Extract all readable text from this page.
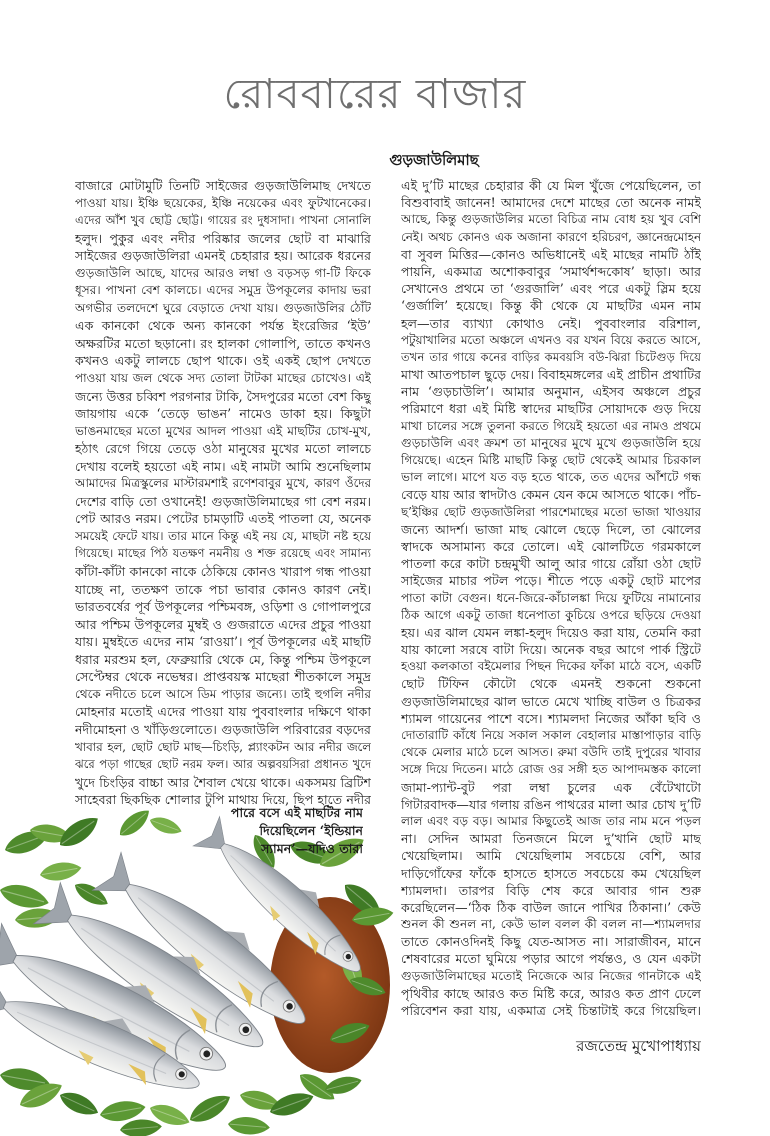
রোববারের বাজার
গুড়জাউলিমাছ
বাজারে মোটামুটি তিনটি সাইজের গুড়জাউলিমাছ দেখতে
পাওয়া যায়। ইঞ্চি ছয়েকের, ইঞ্চি নয়েকের এবং ফুটখানেকের।
এদের আঁশ খুব ছোট্ট ছোট্ট। গায়ের রং দুধসাদা। পাখনা সোনালি
হলুদ। পুকুর এবং নদীর পরিষ্কার জলের ছোট বা মাঝারি
সাইজের গুড়জাউলিরা এমনই চেহারার হয়। আরেক ধরনের
গুড়জাউলি আছে, যাদের আরও লম্বা ও বড়সড় গা-টি ফিকে
ধূসর। পাখনা বেশ কালচে। এদের সমুদ্র উপকূলের কাদায় ভরা
অগভীর তলদেশে ঘুরে বেড়াতে দেখা যায়। গুড়জাউলির ঠোঁট
এক কানকো থেকে অন্য কানকো পর্যন্ত ইংরেজির ‘ইউ’
অক্ষরটির মতো ছড়ানো। রং হালকা গোলাপি, তাতে কখনও
কখনও একটু লালচে ছোপ থাকে। ওই একই ছোপ দেখতে
পাওয়া যায় জল থেকে সদ্য তোলা টাটকা মাছের চোখেও। এই
জন্যে উত্তর চব্বিশ পরগনার টাকি, সৈদপুরের মতো বেশ কিছু
জায়গায় একে ‘তেড়ে ভাঙন’ নামেও ডাকা হয়। কিছুটা
ভাঙনমাছের মতো মুখের আদল পাওয়া এই মাছটির চোখ-মুখ,
হঠাৎ রেগে গিয়ে তেড়ে ওঠা মানুষের মুখের মতো লালচে
দেখায় বলেই হয়তো এই নাম। এই নামটা আমি শুনেছিলাম
আমাদের মিত্রস্কুলের মাস্টারমশাই রণেশবাবুর মুখে, কারণ ওঁদের
দেশের বাড়ি তো ওখানেই! গুড়জাউলিমাছের গা বেশ নরম।
পেট আরও নরম। পেটের চামড়াটি এতই পাতলা যে, অনেক
সময়েই ফেটে যায়। তার মানে কিন্তু এই নয় যে, মাছটা নষ্ট হয়ে
গিয়েছে। মাছের পিঠ যতক্ষণ নমনীয় ও শক্ত রয়েছে এবং সামান্য
কাঁটা-কাঁটা কানকো নাকে ঠেকিয়ে কোনও খারাপ গন্ধ পাওয়া
যাচ্ছে না, ততক্ষণ তাকে পচা ভাবার কোনও কারণ নেই।
ভারতবর্ষের পূর্ব উপকূলের পশ্চিমবঙ্গ, ওড়িশা ও গোপালপুরে
আর পশ্চিম উপকূলের মুম্বই ও গুজরাতে এদের প্রচুর পাওয়া
যায়। মুম্বইতে এদের নাম ‘রাওয়া’। পূর্ব উপকূলের এই মাছটি
ধরার মরশুম হল, ফেব্রুয়ারি থেকে মে, কিন্তু পশ্চিম উপকূলে
সেপ্টেম্বর থেকে নভেম্বর। প্রাপ্তবয়স্ক মাছেরা শীতকালে সমুদ্র
থেকে নদীতে চলে আসে ডিম পাড়ার জন্যে। তাই হুগলি নদীর
মোহনার মতোই এদের পাওয়া যায় পুববাংলার দক্ষিণে থাকা
নদীমোহনা ও খাঁড়িগুলোতে। গুড়জাউলি পরিবারের বড়দের
খাবার হল, ছোট ছোট মাছ—চিংড়ি, প্ল্যাংকটন আর নদীর জলে
ঝরে পড়া গাছের ছোট নরম ফল। আর অল্পবয়সিরা প্রধানত খুদে
খুদে চিংড়ির বাচ্চা আর শৈবাল খেয়ে থাকে। একসময় ব্রিটিশ
সাহেবরা ছিকছিক শোলার টুপি মাথায় দিয়ে, ছিপ হাতে নদীর
পারে বসে এই মাছটির নাম
দিয়েছিলেন ‘ইন্ডিয়ান
স্যামন’—যদিও তারা
এই দু’টি মাছের চেহারার কী যে মিল খুঁজে পেয়েছিলেন, তা
বিশুবাবাই জানেন! আমাদের দেশে মাছের তো অনেক নামই
আছে, কিন্তু গুড়জাউলির মতো বিচিত্র নাম বোধ হয় খুব বেশি
নেই। অথচ কোনও এক অজানা কারণে হরিচরণ, জ্ঞানেন্দ্রমোহন
বা সুবল মিত্তির—কোনও অভিধানেই এই মাছের নামটি ঠাঁই
পায়নি, একমাত্র অশোকবাবুর ‘সমার্থশব্দকোষ’ ছাড়া। আর
সেখানেও প্রথমে তা ‘গুরজালি’ এবং পরে একটু স্লিম হয়ে
‘গুর্জালি’ হয়েছে। কিন্তু কী থেকে যে মাছটির এমন নাম
হল—তার ব্যাখ্যা কোথাও নেই। পুববাংলার বরিশাল,
পটুয়াখালির মতো অঞ্চলে এখনও বর যখন বিয়ে করতে আসে,
তখন তার গায়ে কনের বাড়ির কমবয়সি বউ-ঝিরা চিটেগুড় দিয়ে
মাখা আতপচাল ছুড়ে দেয়। বিবাহমঙ্গলের এই প্রাচীন প্রথাটির
নাম ‘গুড়চাউলি’। আমার অনুমান, এইসব অঞ্চলে প্রচুর
পরিমাণে ধরা এই মিষ্টি স্বাদের মাছটির সোয়াদকে গুড় দিয়ে
মাখা চালের সঙ্গে তুলনা করতে গিয়েই হয়তো এর নামও প্রথমে
গুড়চাউলি এবং ক্রমশ তা মানুষের মুখে মুখে গুড়জাউলি হয়ে
গিয়েছে। এহেন মিষ্টি মাছটি কিন্তু ছোট থেকেই আমার চিরকাল
ভাল লাগে। মাপে যত বড় হতে থাকে, তত এদের আঁশটে গন্ধ
বেড়ে যায় আর স্বাদটাও কেমন যেন কমে আসতে থাকে। পাঁচ-
ছ’ইঞ্চির ছোট গুড়জাউলিরা পারশেমাছের মতো ভাজা খাওয়ার
জন্যে আদর্শ। ভাজা মাছ ঝোলে ছেড়ে দিলে, তা ঝোলের
স্বাদকে অসামান্য করে তোলে। এই ঝোলটিতে গরমকালে
পাতলা করে কাটা চন্দ্রমুখী আলু আর গায়ে রোঁয়া ওঠা ছোট
সাইজের মাচার পটল পড়ে। শীতে পড়ে একটু ছোট মাপের
পাতা কাটা বেগুন। ধনে-জিরে-কাঁচালঙ্কা দিয়ে ফুটিয়ে নামানোর
ঠিক আগে একটু তাজা ধনেপাতা কুচিয়ে ওপরে ছড়িয়ে দেওয়া
হয়। এর ঝাল যেমন লঙ্কা-হলুদ দিয়েও করা যায়, তেমনি করা
যায় কালো সরষে বাটা দিয়ে। অনেক বছর আগে পার্ক স্ট্রিটে
হওয়া কলকাতা বইমেলার পিছন দিকের ফাঁকা মাঠে বসে, একটি
ছোট টিফিন কৌটো থেকে এমনই শুকনো শুকনো
গুড়জাউলিমাছের ঝাল ভাতে মেখে খাচ্ছি বাউল ও চিত্রকর
শ্যামল গায়েনের পাশে বসে। শ্যামলদা নিজের আঁকা ছবি ও
দোতারাটি কাঁধে নিয়ে সকাল সকাল বেহালার মাস্তাপাড়ার বাড়ি
থেকে মেলার মাঠে চলে আসত। রুমা বউদি তাই দুপুরের খাবার
সঙ্গে দিয়ে দিতেন। মাঠে রোজ ওর সঙ্গী হত আপাদমস্তক কালো
জামা-প্যান্ট-বুট পরা লম্বা চুলের এক বেঁটেখাটো
গিটারবাদক—যার গলায় রঙিন পাথরের মালা আর চোখ দু’টি
লাল এবং বড় বড়। আমার কিছুতেই আজ তার নাম মনে পড়ল
না। সেদিন আমরা তিনজনে মিলে দু’খানি ছোট মাছ
খেয়েছিলাম। আমি খেয়েছিলাম সবচেয়ে বেশি, আর
দাড়িগোঁফের ফাঁকে হাসতে হাসতে সবচেয়ে কম খেয়েছিল
শ্যামলদা। তারপর বিড়ি শেষ করে আবার গান শুরু
করেছিলেন—‘ঠিক ঠিক বাউল জানে পাখির ঠিকানা।’ কেউ
শুনল কী শুনল না, কেউ ভাল বলল কী বলল না—শ্যামলদার
তাতে কোনওদিনই কিছু যেত-আসত না। সারাজীবন, মানে
শেষবারের মতো ঘুমিয়ে পড়ার আগে পর্যন্তও, ও যেন একটা
গুড়জাউলিমাছের মতোই নিজেকে আর নিজের গানটাকে এই
পৃথিবীর কাছে আরও কত মিষ্টি করে, আরও কত প্রাণ ঢেলে
পরিবেশন করা যায়, একমাত্র সেই চিন্তাটাই করে গিয়েছিল।
রজতেন্দ্র মুখোপাধ্যায়
